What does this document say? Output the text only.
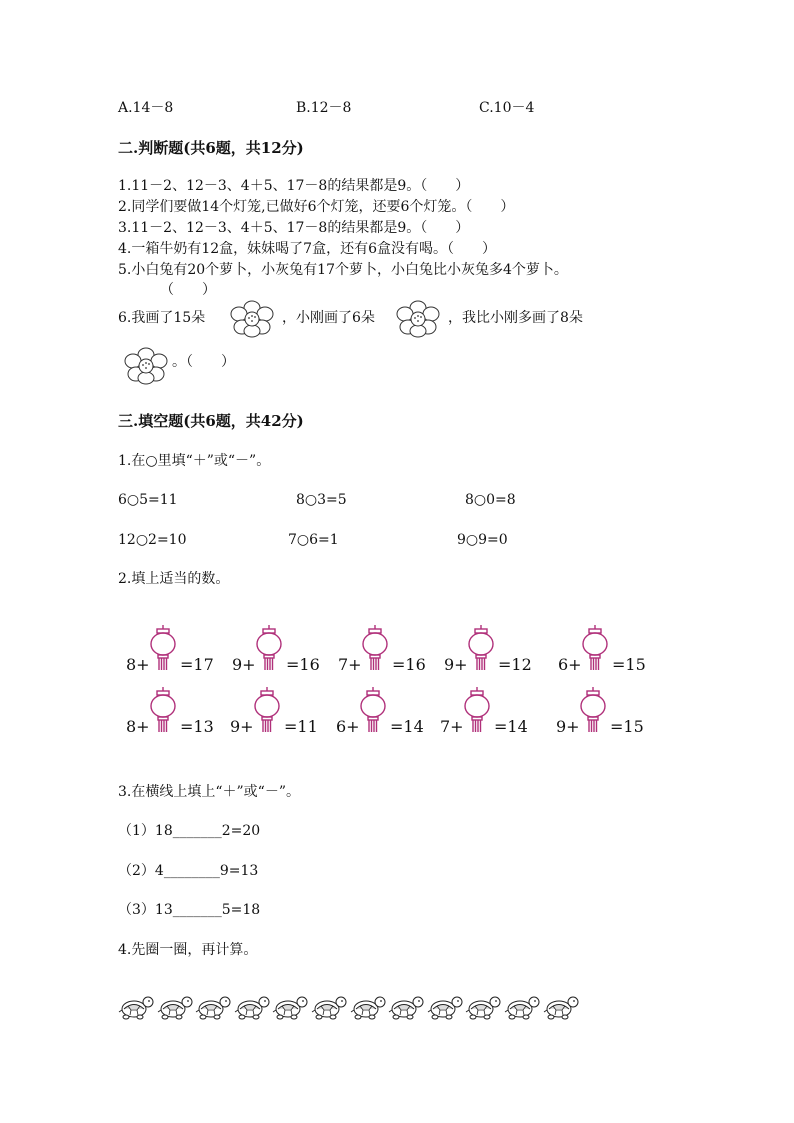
A.14－8	B.12－8	C.10－4
二.判断题(共6题，共12分)
1.11－2、12－3、4＋5、17－8的结果都是9。（　　）
2.同学们要做14个灯笼,已做好6个灯笼，还要6个灯笼。（　　）
3.11－2、12－3、4＋5、17－8的结果都是9。（　　）
4.一箱牛奶有12盒，妹妹喝了7盒，还有6盒没有喝。（　　）
5.小白兔有20个萝卜，小灰兔有17个萝卜，小白兔比小灰兔多4个萝卜。
（　　）
6.我画了15朵	，小刚画了6朵	，我比小刚多画了8朵
。（　　）
三.填空题(共6题，共42分)
1.在○里填“＋”或“－”。
6○5=11	8○3=5	8○0=8
12○2=10	7○6=1	9○9=0
2.填上适当的数。
8+ =17 9+ =16 7+ =16 9+ =12 6+ =15
8+ =13 9+ =11 6+ =14 7+ =14 9+ =15
3.在横线上填上“＋”或“－”。
（1）18_______2=20
（2）4________9=13
（3）13_______5=18
4.先圈一圈，再计算。
